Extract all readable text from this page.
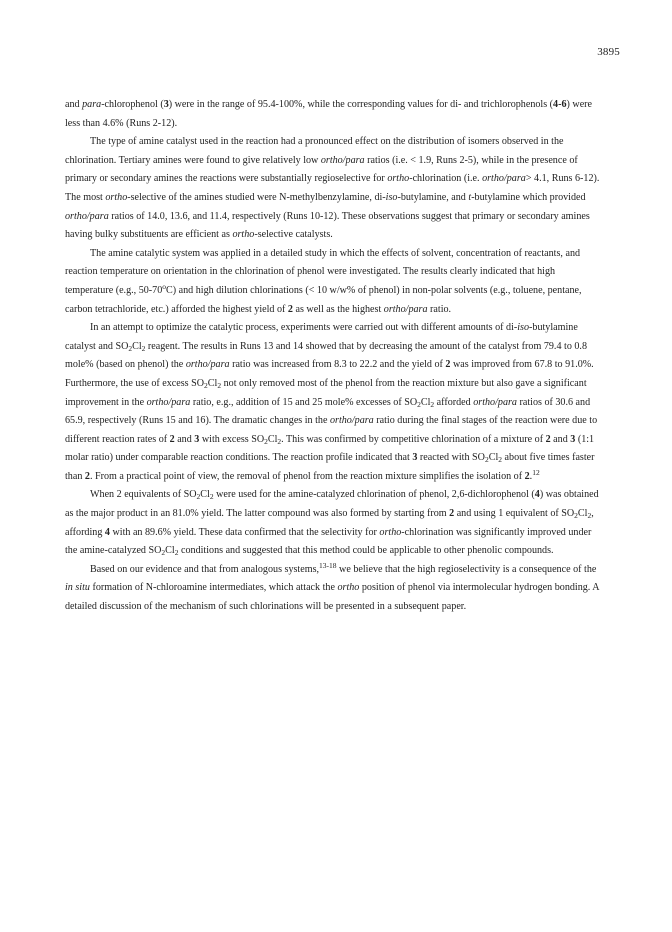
3895

and para-chlorophenol (3) were in the range of 95.4-100%, while the corresponding values for di- and trichlorophenols (4-6) were less than 4.6% (Runs 2-12).

The type of amine catalyst used in the reaction had a pronounced effect on the distribution of isomers observed in the chlorination. Tertiary amines were found to give relatively low ortho/para ratios (i.e. < 1.9, Runs 2-5), while in the presence of primary or secondary amines the reactions were substantially regioselective for ortho-chlorination (i.e. ortho/para> 4.1, Runs 6-12). The most ortho-selective of the amines studied were N-methylbenzylamine, di-iso-butylamine, and t-butylamine which provided ortho/para ratios of 14.0, 13.6, and 11.4, respectively (Runs 10-12). These observations suggest that primary or secondary amines having bulky substituents are efficient as ortho-selective catalysts.

The amine catalytic system was applied in a detailed study in which the effects of solvent, concentration of reactants, and reaction temperature on orientation in the chlorination of phenol were investigated. The results clearly indicated that high temperature (e.g., 50-70$^o$C) and high dilution chlorinations (< 10 w/w% of phenol) in non-polar solvents (e.g., toluene, pentane, carbon tetrachloride, etc.) afforded the highest yield of 2 as well as the highest ortho/para ratio.

In an attempt to optimize the catalytic process, experiments were carried out with different amounts of di-iso-butylamine catalyst and $SO_2Cl_2$ reagent. The results in Runs 13 and 14 showed that by decreasing the amount of the catalyst from 79.4 to 0.8 mole% (based on phenol) the ortho/para ratio was increased from 8.3 to 22.2 and the yield of 2 was improved from 67.8 to 91.0%. Furthermore, the use of excess $SO_2Cl_2$ not only removed most of the phenol from the reaction mixture but also gave a significant improvement in the ortho/para ratio, e.g., addition of 15 and 25 mole% excesses of $SO_2Cl_2$ afforded ortho/para ratios of 30.6 and 65.9, respectively (Runs 15 and 16). The dramatic changes in the ortho/para ratio during the final stages of the reaction were due to different reaction rates of 2 and 3 with excess $SO_2Cl_2$. This was confirmed by competitive chlorination of a mixture of 2 and 3 (1:1 molar ratio) under comparable reaction conditions. The reaction profile indicated that 3 reacted with $SO_2Cl_2$ about five times faster than 2. From a practical point of view, the removal of phenol from the reaction mixture simplifies the isolation of 2.12

When 2 equivalents of $SO_2Cl_2$ were used for the amine-catalyzed chlorination of phenol, 2,6-dichlorophenol (4) was obtained as the major product in an 81.0% yield. The latter compound was also formed by starting from 2 and using 1 equivalent of $SO_2Cl_2$, affording 4 with an 89.6% yield. These data confirmed that the selectivity for ortho-chlorination was significantly improved under the amine-catalyzed $SO_2Cl_2$ conditions and suggested that this method could be applicable to other phenolic compounds.

Based on our evidence and that from analogous systems,$^{13-18}$ we believe that the high regioselectivity is a consequence of the in situ formation of N-chloroamine intermediates, which attack the ortho position of phenol via intermolecular hydrogen bonding. A detailed discussion of the mechanism of such chlorinations will be presented in a subsequent paper.
